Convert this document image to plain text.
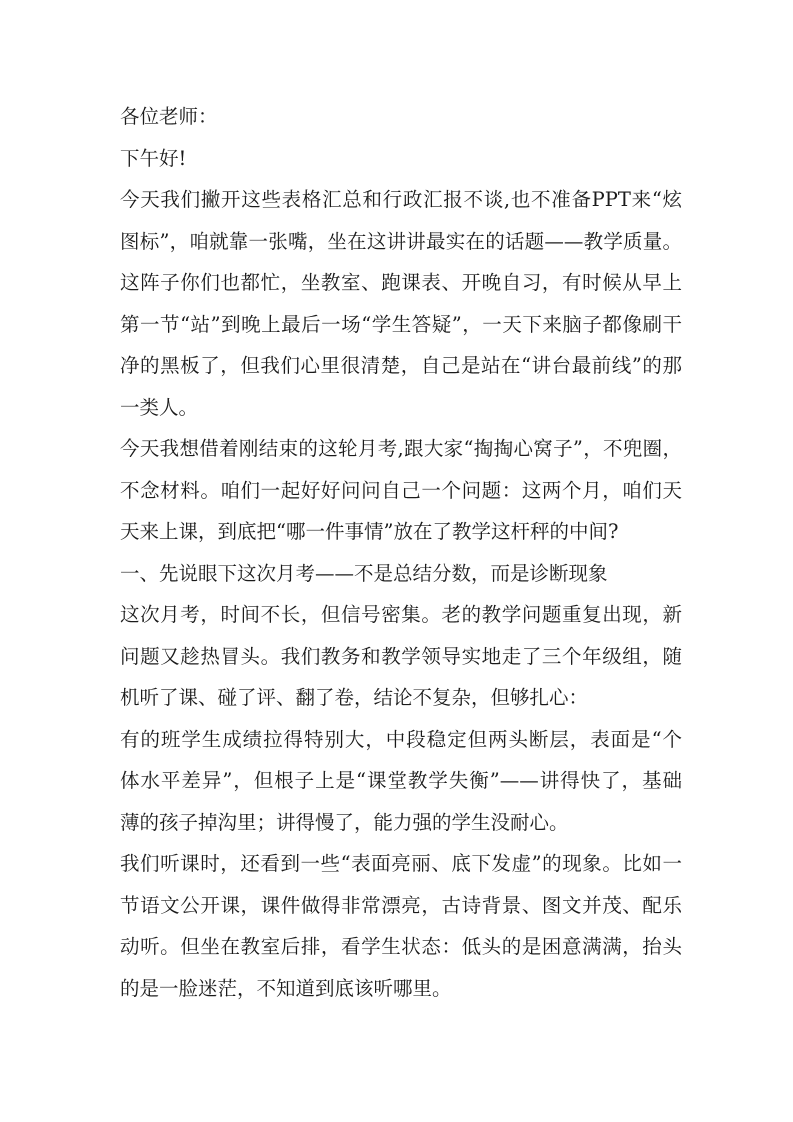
各位老师：
下午好!
今天我们撇开这些表格汇总和行政汇报不谈,也不准备PPT来“炫
图标”，咱就靠一张嘴，坐在这讲讲最实在的话题——教学质量。
这阵子你们也都忙，坐教室、跑课表、开晚自习，有时候从早上
第一节“站”到晚上最后一场“学生答疑”，一天下来脑子都像刷干
净的黑板了，但我们心里很清楚，自己是站在“讲台最前线”的那
一类人。
今天我想借着刚结束的这轮月考,跟大家“掏掏心窝子”，不兜圈，
不念材料。咱们一起好好问问自己一个问题：这两个月，咱们天
天来上课，到底把“哪一件事情”放在了教学这杆秤的中间?
一、先说眼下这次月考——不是总结分数，而是诊断现象
这次月考，时间不长，但信号密集。老的教学问题重复出现，新
问题又趁热冒头。我们教务和教学领导实地走了三个年级组，随
机听了课、碰了评、翻了卷，结论不复杂，但够扎心：
有的班学生成绩拉得特别大，中段稳定但两头断层，表面是“个
体水平差异”，但根子上是“课堂教学失衡”——讲得快了，基础
薄的孩子掉沟里；讲得慢了，能力强的学生没耐心。
我们听课时，还看到一些“表面亮丽、底下发虚”的现象。比如一
节语文公开课，课件做得非常漂亮，古诗背景、图文并茂、配乐
动听。但坐在教室后排，看学生状态：低头的是困意满满，抬头
的是一脸迷茫，不知道到底该听哪里。
